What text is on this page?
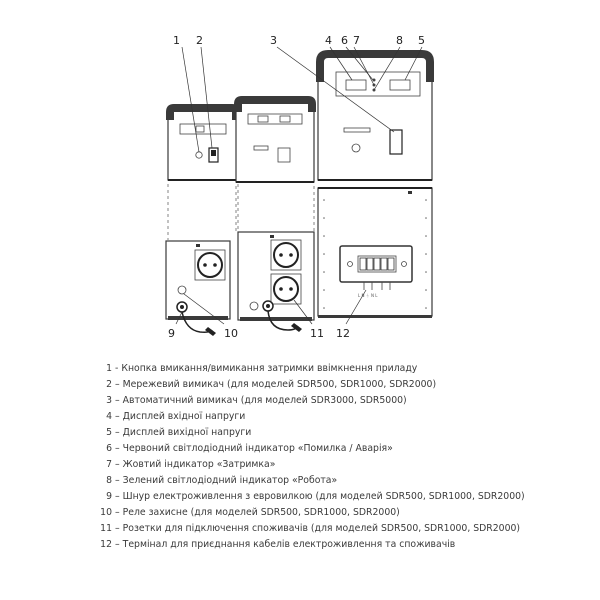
L N ⏚ N L
1 2	3	4 6 7	8 5
9	10	11 12
1 - Кнопка вмикання/вимикання затримки ввімкнення приладу
2 – Мережевий вимикач (для моделей SDR500, SDR1000, SDR2000)
3 – Автоматичний вимикач (для моделей SDR3000, SDR5000)
4 – Дисплей вхідної напруги
5 – Дисплей вихідної напруги
6 – Червоний світлодіодний індикатор «Помилка / Аварія»
7 – Жовтий індикатор «Затримка»
8 – Зелений світлодіодний індикатор «Робота»
9 – Шнур електроживлення з евровилкою (для моделей SDR500, SDR1000, SDR2000)
10 – Реле захисне (для моделей SDR500, SDR1000, SDR2000)
11 – Розетки для підключення споживачів (для моделей SDR500, SDR1000, SDR2000)
12 – Термінал для приєднання кабелів електроживлення та споживачів
